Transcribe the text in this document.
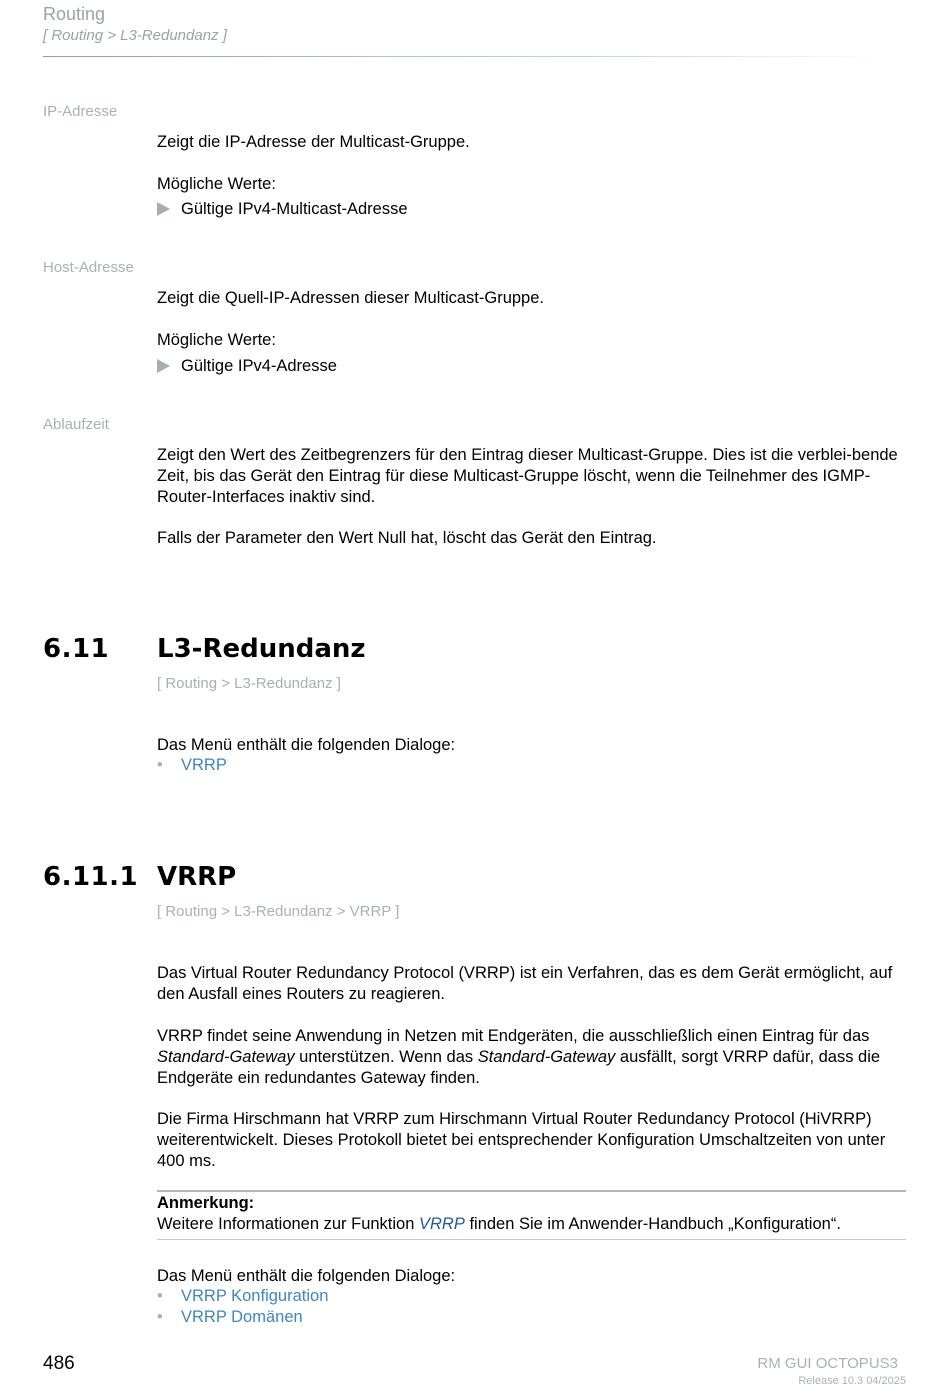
Routing
[ Routing > L3-Redundanz ]
IP-Adresse
Zeigt die IP-Adresse der Multicast-Gruppe.
Mögliche Werte:
Gültige IPv4-Multicast-Adresse
Host-Adresse
Zeigt die Quell-IP-Adressen dieser Multicast-Gruppe.
Mögliche Werte:
Gültige IPv4-Adresse
Ablaufzeit
Zeigt den Wert des Zeitbegrenzers für den Eintrag dieser Multicast-Gruppe. Dies ist die verblei-bende Zeit, bis das Gerät den Eintrag für diese Multicast-Gruppe löscht, wenn die Teilnehmer des IGMP-Router-Interfaces inaktiv sind.
Falls der Parameter den Wert Null hat, löscht das Gerät den Eintrag.
6.11 L3-Redundanz
[ Routing > L3-Redundanz ]
Das Menü enthält die folgenden Dialoge:
• VRRP
6.11.1 VRRP
[ Routing > L3-Redundanz > VRRP ]
Das Virtual Router Redundancy Protocol (VRRP) ist ein Verfahren, das es dem Gerät ermöglicht, auf den Ausfall eines Routers zu reagieren.
VRRP findet seine Anwendung in Netzen mit Endgeräten, die ausschließlich einen Eintrag für das Standard-Gateway unterstützen. Wenn das Standard-Gateway ausfällt, sorgt VRRP dafür, dass die Endgeräte ein redundantes Gateway finden.
Die Firma Hirschmann hat VRRP zum Hirschmann Virtual Router Redundancy Protocol (HiVRRP) weiterentwickelt. Dieses Protokoll bietet bei entsprechender Konfiguration Umschaltzeiten von unter 400 ms.
Anmerkung:
Weitere Informationen zur Funktion VRRP finden Sie im Anwender-Handbuch „Konfiguration“.
Das Menü enthält die folgenden Dialoge:
• VRRP Konfiguration
• VRRP Domänen
486	RM GUI OCTOPUS3
Release 10.3 04/2025
